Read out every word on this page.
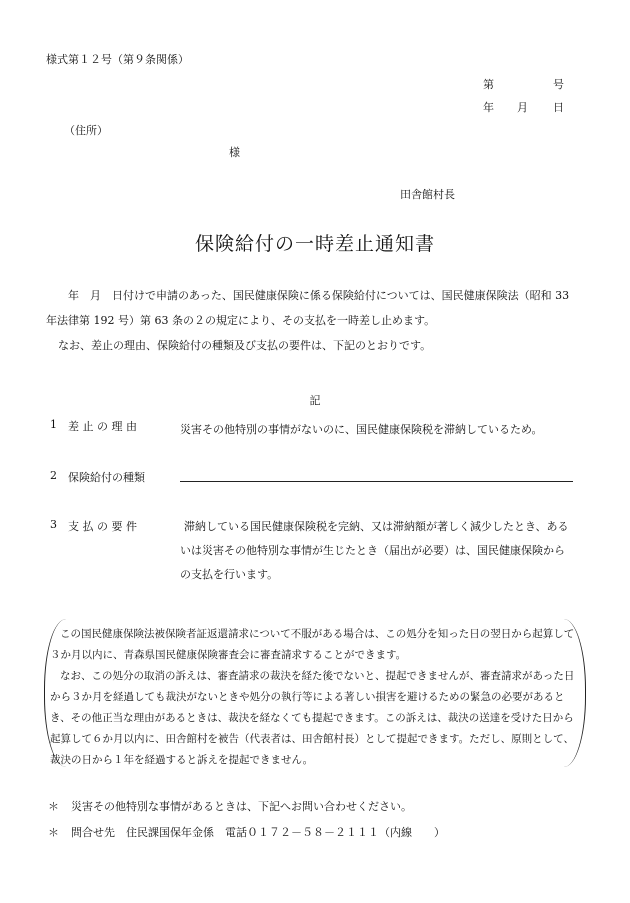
様式第１２号（第９条関係）
第	号
年 月 日
（住所）
様
田舎館村長
保険給付の一時差止通知書
年　月　日付けで申請のあった、国民健康保険に係る保険給付については、国民健康保険法（昭和 33 年法律第 192 号）第 63 条の２の規定により、その支払を一時差し止めます。
なお、差止の理由、保険給付の種類及び支払の要件は、下記のとおりです。
記
1 差 止 の 理 由	災害その他特別の事情がないのに、国民健康保険税を滞納しているため。
2 保険給付の種類
3 支 払 の 要 件	滞納している国民健康保険税を完納、又は滞納額が著しく減少したとき、あるいは災害その他特別な事情が生じたとき（届出が必要）は、国民健康保険からの支払を行います。

この国民健康保険法被保険者証返還請求について不服がある場合は、この処分を知った日の翌日から起算して３か月以内に、青森県国民健康保険審査会に審査請求することができます。

なお、この処分の取消の訴えは、審査請求の裁決を経た後でないと、提起できませんが、審査請求があった日から３か月を経過しても裁決がないときや処分の執行等による著しい損害を避けるための緊急の必要があるとき、その他正当な理由があるときは、裁決を経なくても提起できます。この訴えは、裁決の送達を受けた日から起算して６か月以内に、田舎館村を被告（代表者は、田舎館村長）として提起できます。ただし、原則として、裁決の日から１年を経過すると訴えを提起できません。

＊ 災害その他特別な事情があるときは、下記へお問い合わせください。
＊ 問合せ先　住民課国保年金係　電話０１７２－５８－２１１１（内線　　）
